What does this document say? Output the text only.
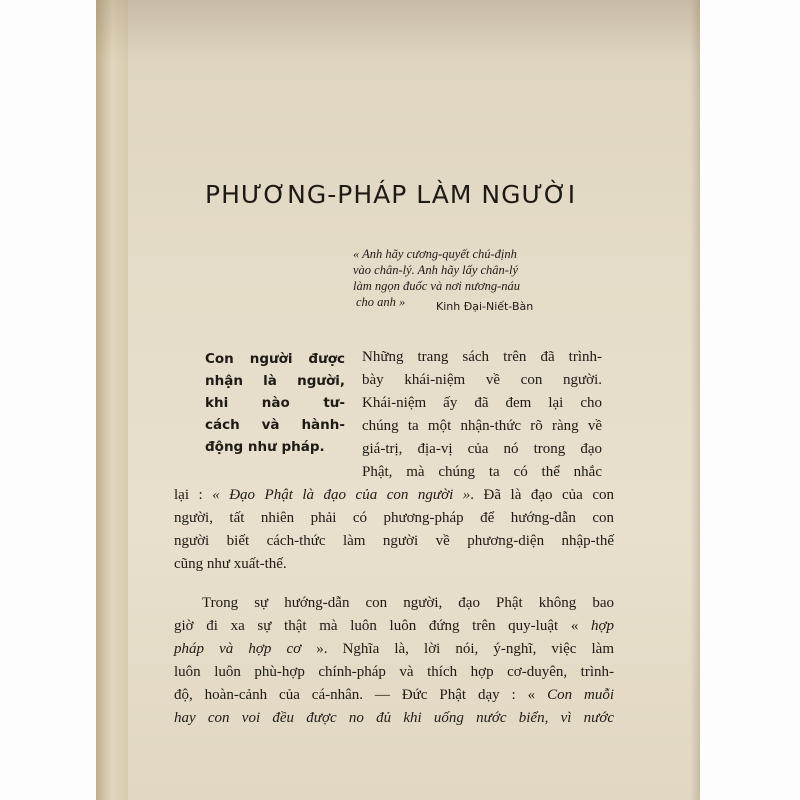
PHƯƠNG-PHÁP LÀM NGƯỜI
« Anh hãy cương-quyết chú-định
vào chân-lý. Anh hãy lấy chân-lý
làm ngọn đuốc và nơi nương-náu
cho anh »	Kinh Đại-Niết-Bàn
Con người được
nhận là người,
khi nào tư-
cách và hành-
động như pháp.
Những trang sách trên đã trình-
bày khái-niệm về con người.
Khái-niệm ấy đã đem lại cho
chúng ta một nhận-thức rõ ràng về
giá-trị, địa-vị của nó trong đạo
Phật, mà chúng ta có thể nhắc
lại : « Đạo Phật là đạo của con người ». Đã là đạo của con
người, tất nhiên phải có phương-pháp để hướng-dẫn con
người biết cách-thức làm người về phương-diện nhập-thế
cũng như xuất-thế.
Trong sự hướng-dẫn con người, đạo Phật không bao
giờ đi xa sự thật mà luôn luôn đứng trên quy-luật « hợp
pháp và hợp cơ ». Nghĩa là, lời nói, ý-nghĩ, việc làm
luôn luôn phù-hợp chính-pháp và thích hợp cơ-duyên, trình-
độ, hoàn-cảnh của cá-nhân. — Đức Phật dạy : « Con muỗi
hay con voi đều được no đủ khi uống nước biển, vì nước
